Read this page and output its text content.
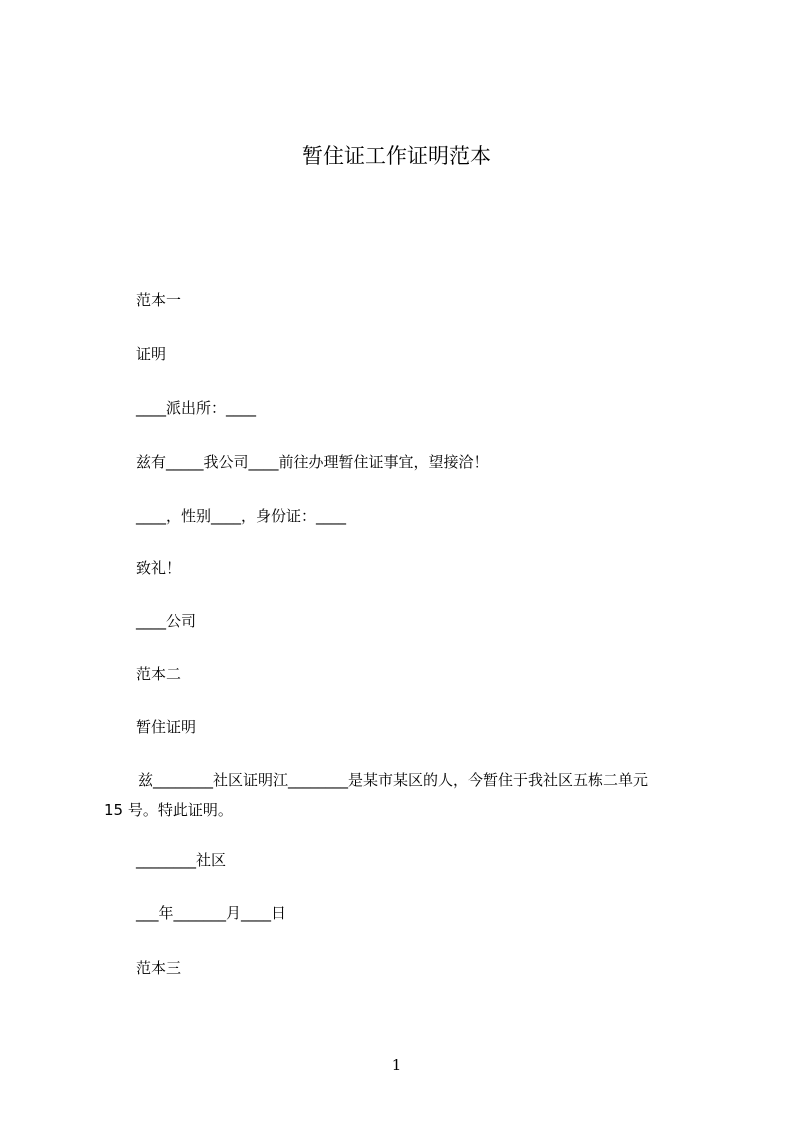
暂住证工作证明范本

范本一

证明

____派出所：____

兹有_____我公司____前往办理暂住证事宜，望接洽！

____，性别____，身份证：____

致礼！

____公司

范本二

暂住证明

兹________社区证明江________是某市某区的人，今暂住于我社区五栋二单元
15 号。特此证明。

________社区

___年_______月____日

范本三

1
